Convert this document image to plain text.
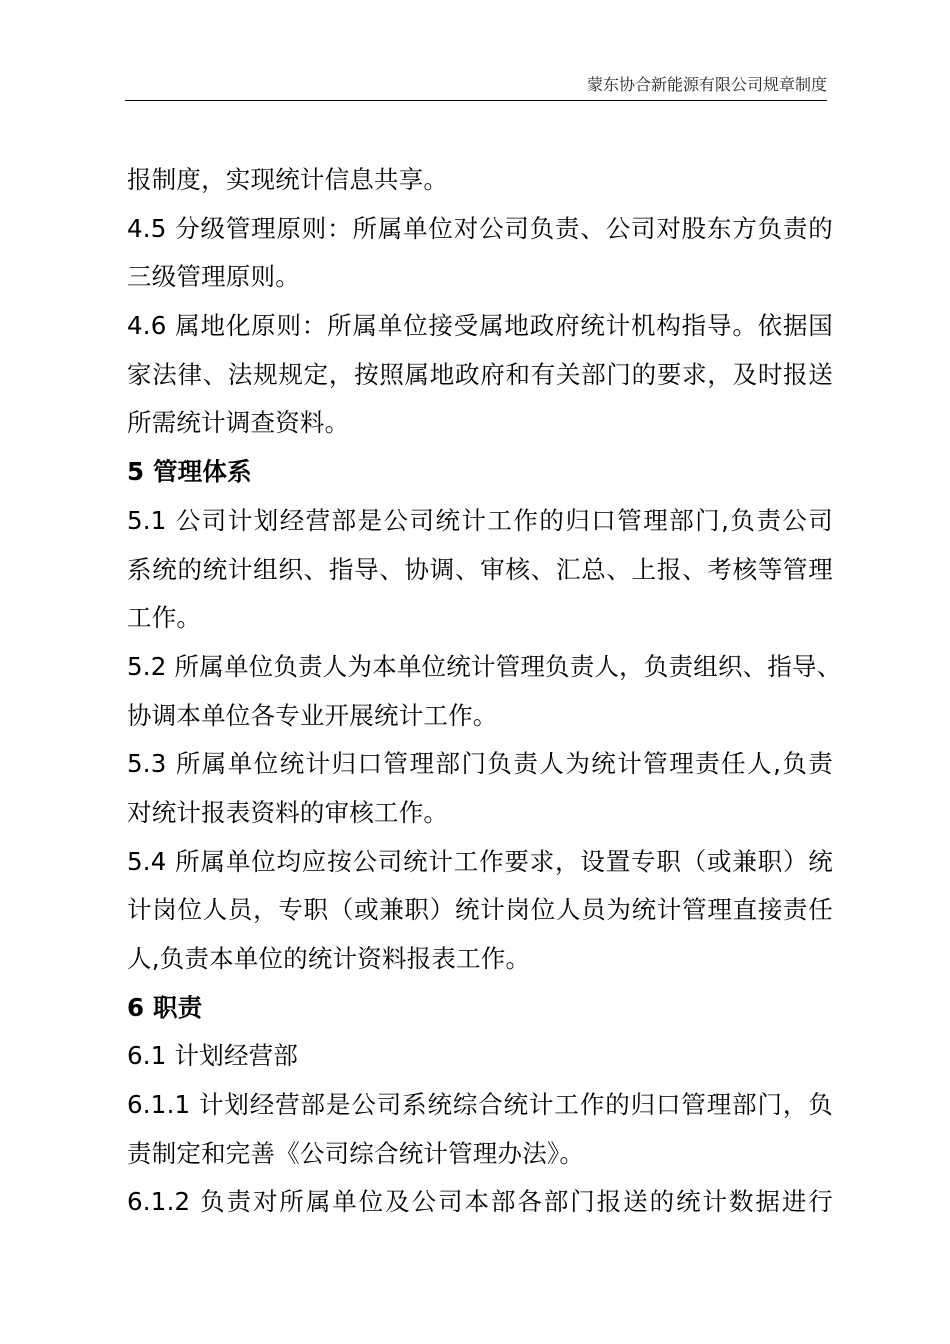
蒙东协合新能源有限公司规章制度
报制度，实现统计信息共享。
4.5 分级管理原则：所属单位对公司负责、公司对股东方负责的
三级管理原则。
4.6 属地化原则：所属单位接受属地政府统计机构指导。依据国
家法律、法规规定，按照属地政府和有关部门的要求，及时报送
所需统计调查资料。
5 管理体系
5.1 公司计划经营部是公司统计工作的归口管理部门,负责公司
系统的统计组织、指导、协调、审核、汇总、上报、考核等管理
工作。
5.2 所属单位负责人为本单位统计管理负责人，负责组织、指导、
协调本单位各专业开展统计工作。
5.3 所属单位统计归口管理部门负责人为统计管理责任人,负责
对统计报表资料的审核工作。
5.4 所属单位均应按公司统计工作要求，设置专职（或兼职）统
计岗位人员，专职（或兼职）统计岗位人员为统计管理直接责任
人,负责本单位的统计资料报表工作。
6 职责
6.1 计划经营部
6.1.1 计划经营部是公司系统综合统计工作的归口管理部门，负
责制定和完善《公司综合统计管理办法》。
6.1.2 负责对所属单位及公司本部各部门报送的统计数据进行
